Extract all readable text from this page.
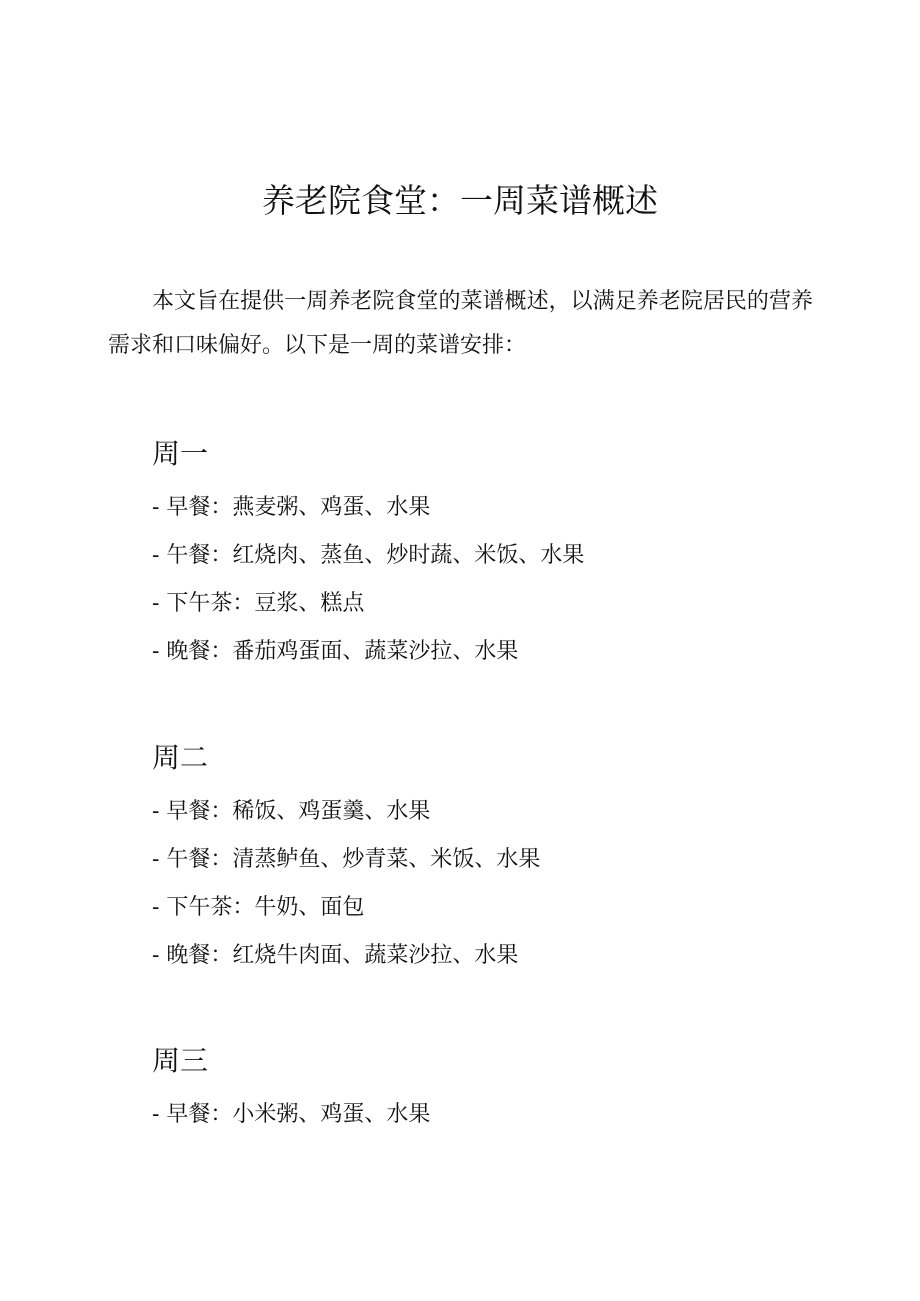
养老院食堂：一周菜谱概述

本文旨在提供一周养老院食堂的菜谱概述，以满足养老院居民的营养需求和口味偏好。以下是一周的菜谱安排：

周一

- 早餐：燕麦粥、鸡蛋、水果

- 午餐：红烧肉、蒸鱼、炒时蔬、米饭、水果

- 下午茶：豆浆、糕点

- 晚餐：番茄鸡蛋面、蔬菜沙拉、水果

周二

- 早餐：稀饭、鸡蛋羹、水果

- 午餐：清蒸鲈鱼、炒青菜、米饭、水果

- 下午茶：牛奶、面包

- 晚餐：红烧牛肉面、蔬菜沙拉、水果

周三

- 早餐：小米粥、鸡蛋、水果
